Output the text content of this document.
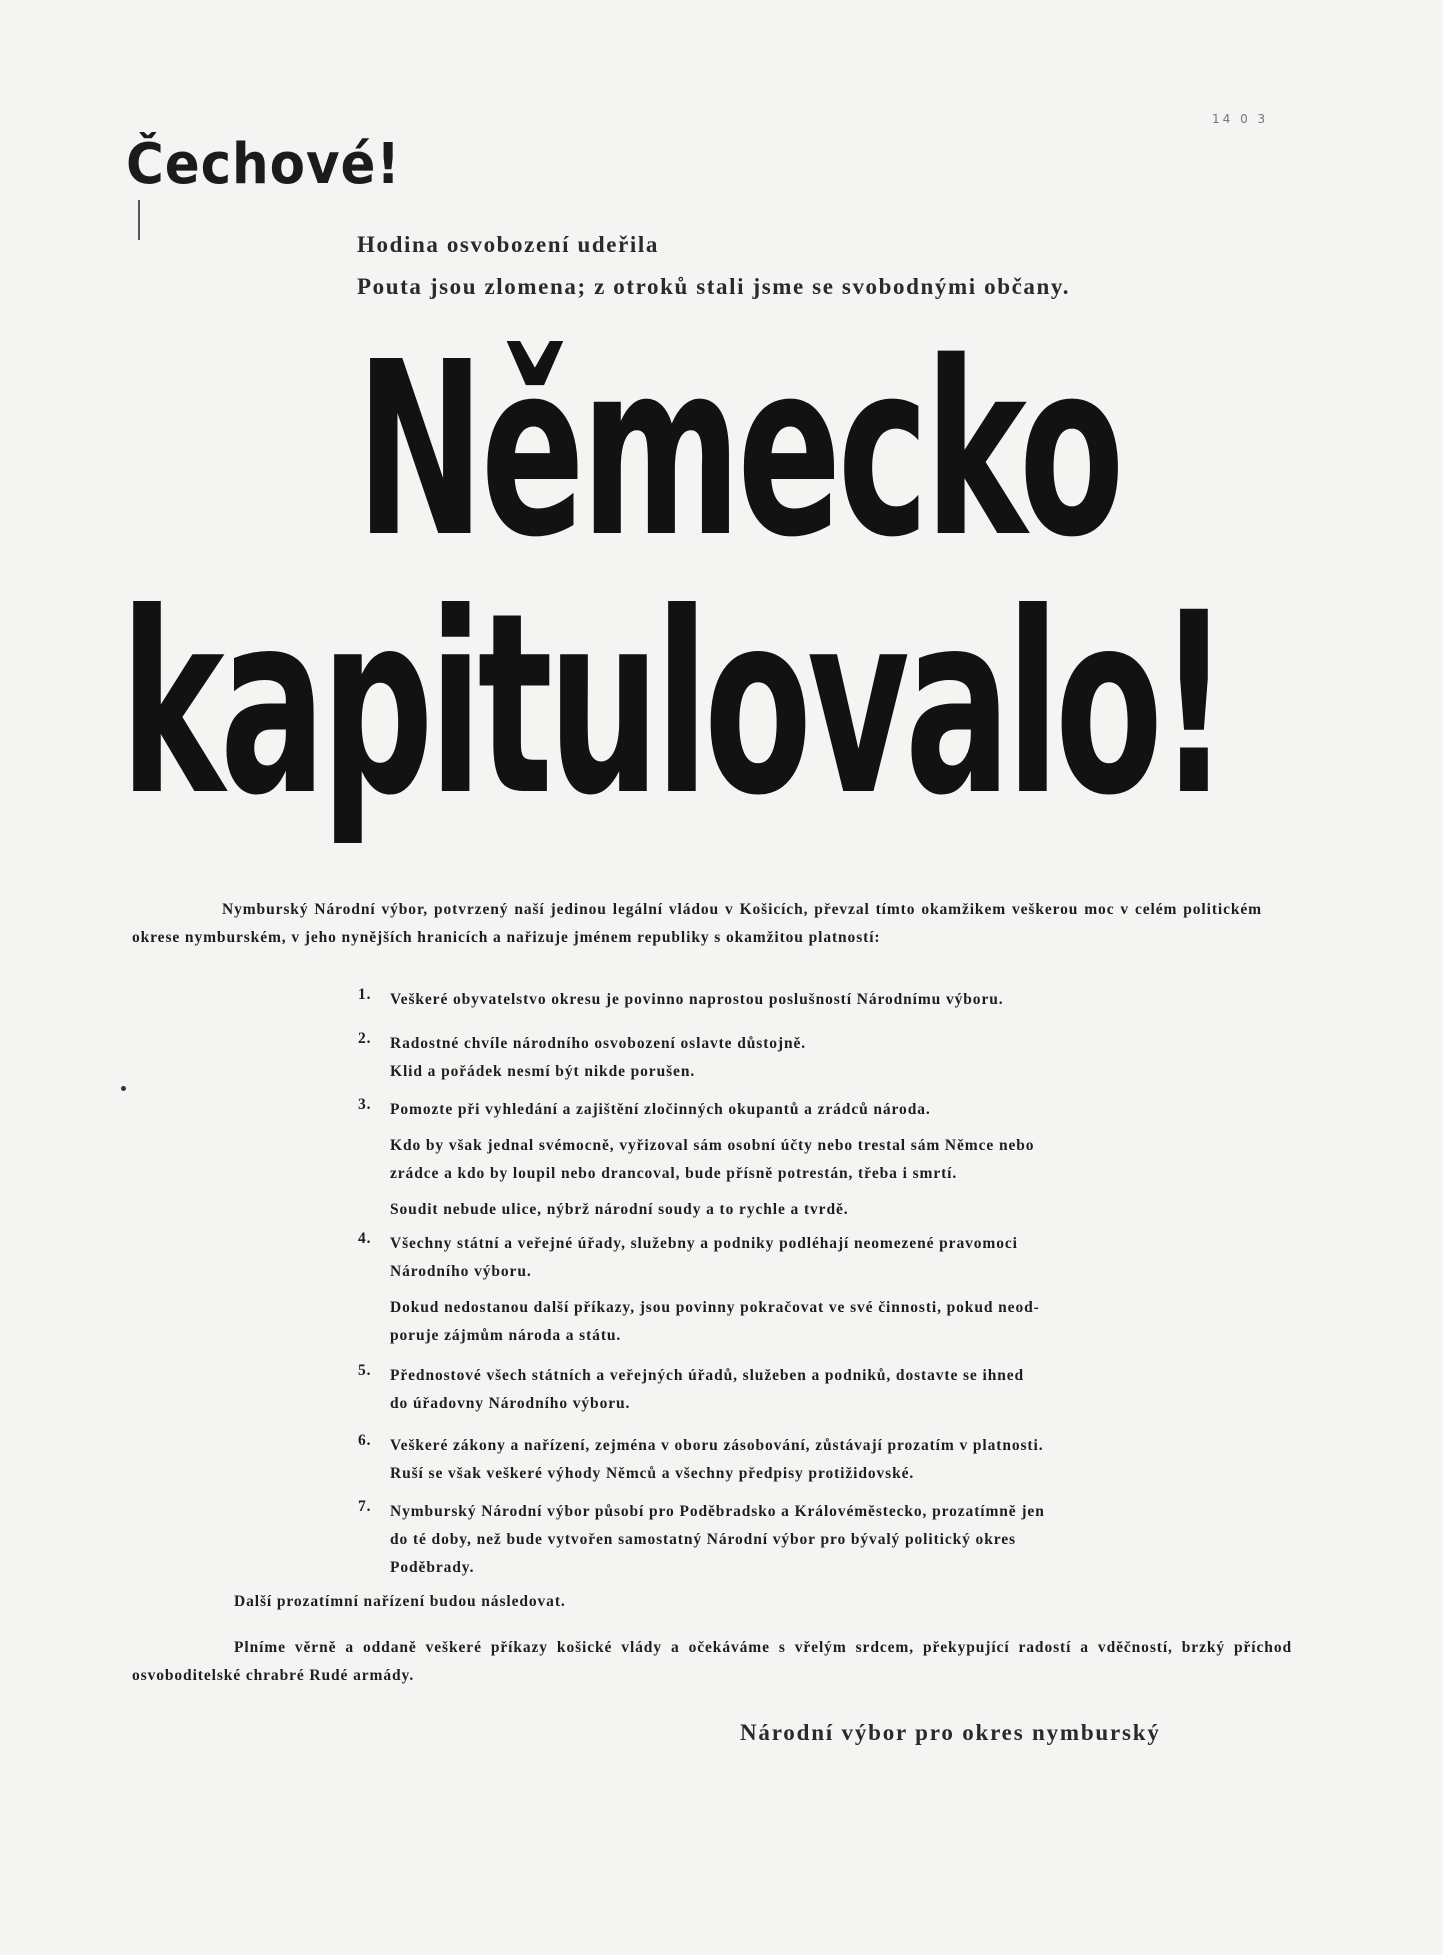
14 0 3
Čechové!
Hodina osvobození udeřila
Pouta jsou zlomena; z otroků stali jsme se svobodnými občany.
Německo
kapitulovalo!
Nymburský Národní výbor, potvrzený naší jedinou legální vládou v Košicích, převzal tímto okamžikem veškerou moc v celém politickém okrese nymburském, v jeho nynějších hranicích a nařizuje jménem republiky s okamžitou platností:
1.	Veškeré obyvatelstvo okresu je povinno naprostou poslušností Národnímu výboru.
2.	Radostné chvíle národního osvobození oslavte důstojně.
Klid a pořádek nesmí být nikde porušen.
3.	Pomozte při vyhledání a zajištění zločinných okupantů a zrádců národa.
Kdo by však jednal svémocně, vyřizoval sám osobní účty nebo trestal sám Němce nebo
zrádce a kdo by loupil nebo drancoval, bude přísně potrestán, třeba i smrtí.
Soudit nebude ulice, nýbrž národní soudy a to rychle a tvrdě.
4.	Všechny státní a veřejné úřady, služebny a podniky podléhají neomezené pravomoci
Národního výboru.
Dokud nedostanou další příkazy, jsou povinny pokračovat ve své činnosti, pokud neod-
porujе zájmům národa a státu.
5.	Přednostové všech státních a veřejných úřadů, služeben a podniků, dostavte se ihned
do úřadovny Národního výboru.
6.	Veškeré zákony a nařízení, zejména v oboru zásobování, zůstávají prozatím v platnosti.
Ruší se však veškeré výhody Němců a všechny předpisy protižidovské.
7.	Nymburský Národní výbor působí pro Poděbradsko a Královéměstecko, prozatímně jen
do té doby, než bude vytvořen samostatný Národní výbor pro bývalý politický okres
Poděbrady.
Další prozatímní nařízení budou následovat.
Plníme věrně a oddaně veškeré příkazy košické vlády a očekáváme s vřelým srdcem, překypující radostí a vděčností, brzký příchod osvoboditelské chrabré Rudé armády.
Národní výbor pro okres nymburský
